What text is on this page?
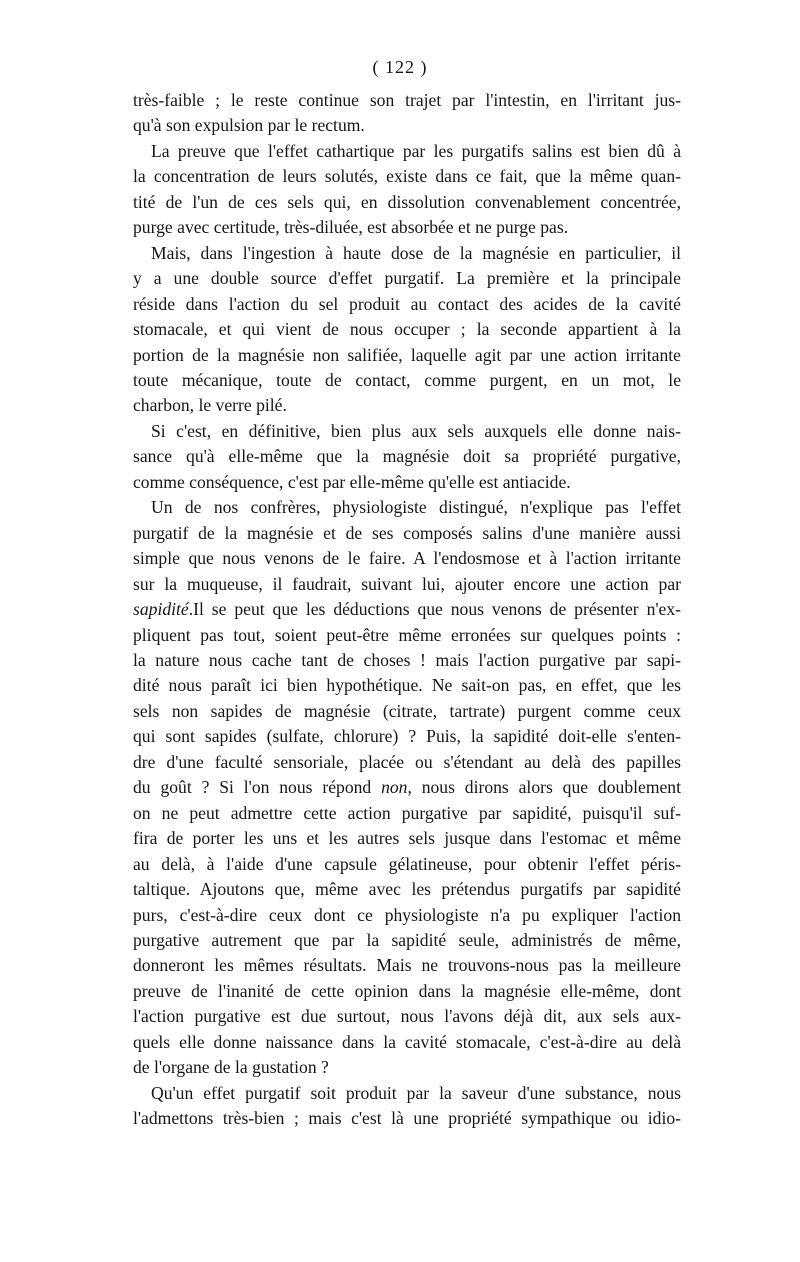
( 122 )

très-faible ; le reste continue son trajet par l'intestin, en l'irritant jus-
qu'à son expulsion par le rectum.

La preuve que l'effet cathartique par les purgatifs salins est bien dû à
la concentration de leurs solutés, existe dans ce fait, que la même quan-
tité de l'un de ces sels qui, en dissolution convenablement concentrée,
purge avec certitude, très-diluée, est absorbée et ne purge pas.

Mais, dans l'ingestion à haute dose de la magnésie en particulier, il
y a une double source d'effet purgatif. La première et la principale
réside dans l'action du sel produit au contact des acides de la cavité
stomacale, et qui vient de nous occuper ; la seconde appartient à la
portion de la magnésie non salifiée, laquelle agit par une action irritante
toute mécanique, toute de contact, comme purgent, en un mot, le
charbon, le verre pilé.

Si c'est, en définitive, bien plus aux sels auxquels elle donne nais-
sance qu'à elle-même que la magnésie doit sa propriété purgative,
comme conséquence, c'est par elle-même qu'elle est antiacide.

Un de nos confrères, physiologiste distingué, n'explique pas l'effet
purgatif de la magnésie et de ses composés salins d'une manière aussi
simple que nous venons de le faire. A l'endosmose et à l'action irritante
sur la muqueuse, il faudrait, suivant lui, ajouter encore une action par
sapidité.Il se peut que les déductions que nous venons de présenter n'ex-
pliquent pas tout, soient peut-être même erronées sur quelques points :
la nature nous cache tant de choses ! mais l'action purgative par sapi-
dité nous paraît ici bien hypothétique. Ne sait-on pas, en effet, que les
sels non sapides de magnésie (citrate, tartrate) purgent comme ceux
qui sont sapides (sulfate, chlorure) ? Puis, la sapidité doit-elle s'enten-
dre d'une faculté sensoriale, placée ou s'étendant au delà des papilles
du goût ? Si l'on nous répond non, nous dirons alors que doublement
on ne peut admettre cette action purgative par sapidité, puisqu'il suf-
fira de porter les uns et les autres sels jusque dans l'estomac et même
au delà, à l'aide d'une capsule gélatineuse, pour obtenir l'effet péris-
taltique. Ajoutons que, même avec les prétendus purgatifs par sapidité
purs, c'est-à-dire ceux dont ce physiologiste n'a pu expliquer l'action
purgative autrement que par la sapidité seule, administrés de même,
donneront les mêmes résultats. Mais ne trouvons-nous pas la meilleure
preuve de l'inanité de cette opinion dans la magnésie elle-même, dont
l'action purgative est due surtout, nous l'avons déjà dit, aux sels aux-
quels elle donne naissance dans la cavité stomacale, c'est-à-dire au delà
de l'organe de la gustation ?

Qu'un effet purgatif soit produit par la saveur d'une substance, nous
l'admettons très-bien ; mais c'est là une propriété sympathique ou idio-
